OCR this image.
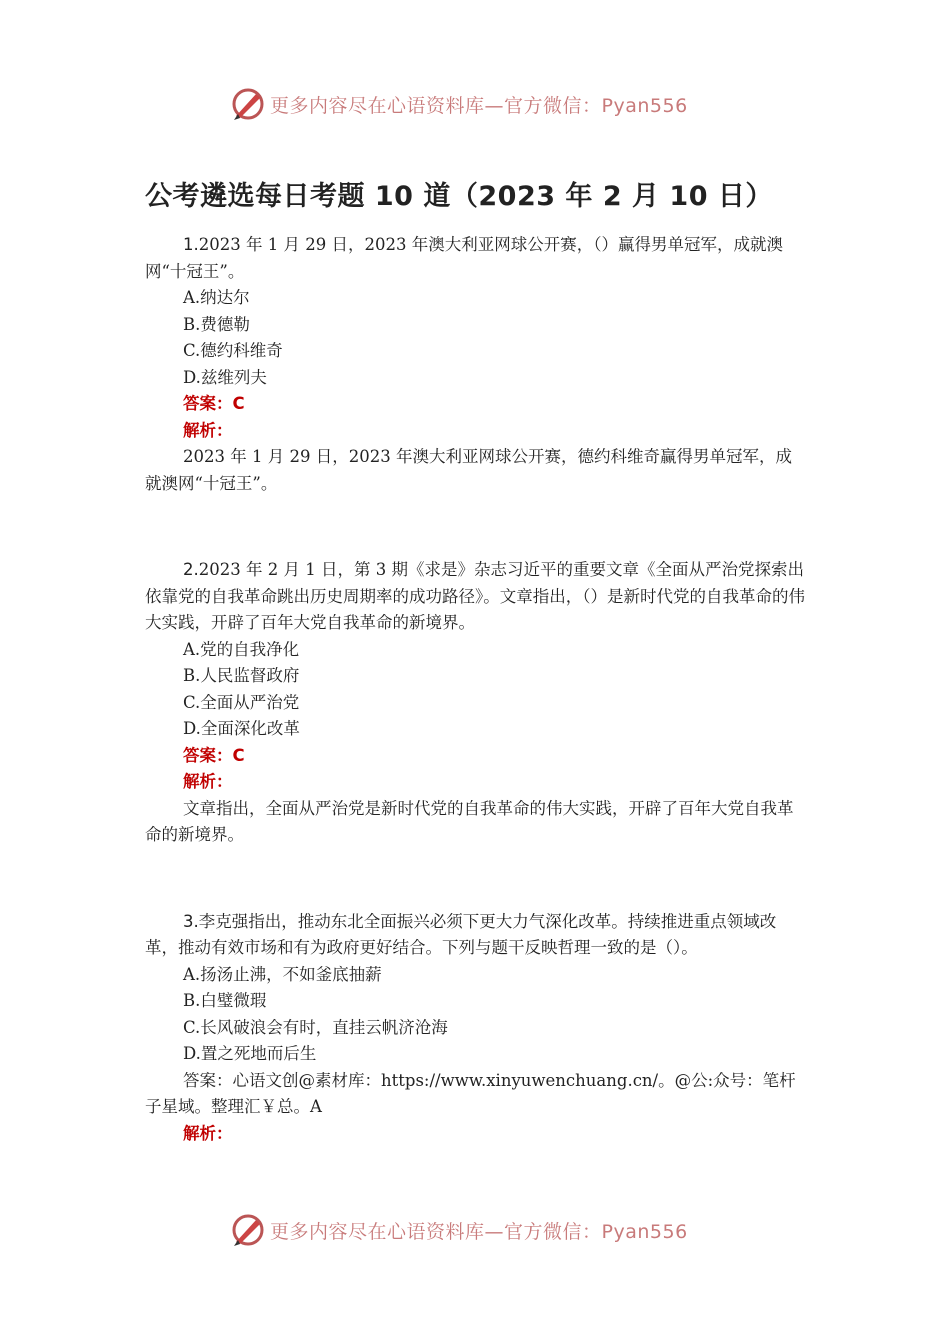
更多内容尽在心语资料库—官方微信：Pyan556
公考遴选每日考题 10 道（2023 年 2 月 10 日）

1.2023 年 1 月 29 日，2023 年澳大利亚网球公开赛，（）赢得男单冠军，成就澳网“十冠王”。

A.纳达尔

B.费德勒

C.德约科维奇

D.兹维列夫

答案：C

解析：

2023 年 1 月 29 日，2023 年澳大利亚网球公开赛，德约科维奇赢得男单冠军，成就澳网“十冠王”。

2.2023 年 2 月 1 日，第 3 期《求是》杂志习近平的重要文章《全面从严治党探索出依靠党的自我革命跳出历史周期率的成功路径》。文章指出，（）是新时代党的自我革命的伟大实践，开辟了百年大党自我革命的新境界。

A.党的自我净化

B.人民监督政府

C.全面从严治党

D.全面深化改革

答案：C

解析：

文章指出，全面从严治党是新时代党的自我革命的伟大实践，开辟了百年大党自我革命的新境界。

3.李克强指出，推动东北全面振兴必须下更大力气深化改革。持续推进重点领域改革，推动有效市场和有为政府更好结合。下列与题干反映哲理一致的是（）。

A.扬汤止沸，不如釜底抽薪

B.白璧微瑕

C.长风破浪会有时，直挂云帆济沧海

D.置之死地而后生

答案：心语文创@素材库：https://www.xinyuwenchuang.cn/。@公:众号：笔杆子星域。整理汇￥总。A

解析：

更多内容尽在心语资料库—官方微信：Pyan556
